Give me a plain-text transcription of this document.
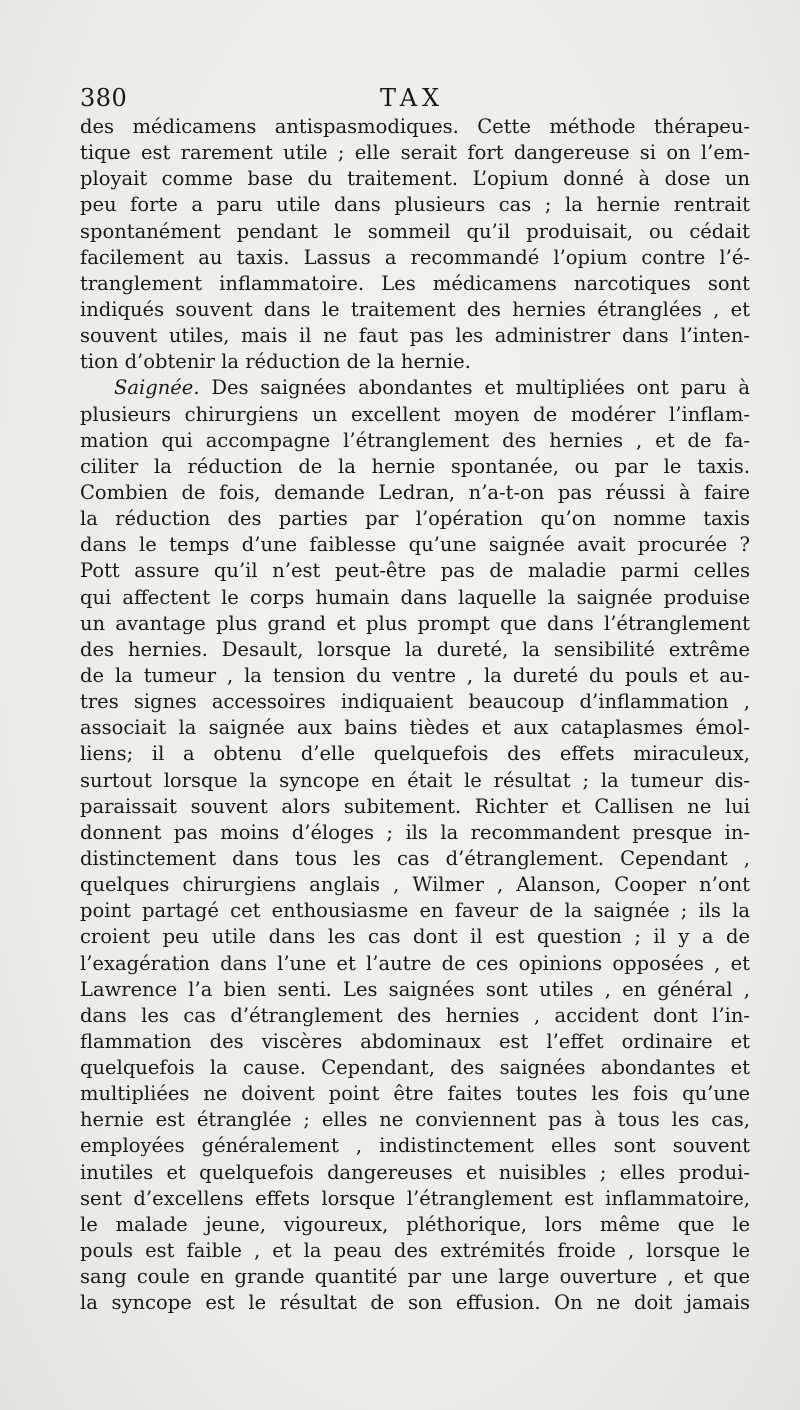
380	TAX
des médicamens antispasmodiques. Cette méthode thérapeu-
tique est rarement utile ; elle serait fort dangereuse si on l’em-
ployait comme base du traitement. L’opium donné à dose un
peu forte a paru utile dans plusieurs cas ; la hernie rentrait
spontanément pendant le sommeil qu’il produisait, ou cédait
facilement au taxis. Lassus a recommandé l’opium contre l’é-
tranglement inflammatoire. Les médicamens narcotiques sont
indiqués souvent dans le traitement des hernies étranglées , et
souvent utiles, mais il ne faut pas les administrer dans l’inten-
tion d’obtenir la réduction de la hernie.
Saignée. Des saignées abondantes et multipliées ont paru à
plusieurs chirurgiens un excellent moyen de modérer l’inflam-
mation qui accompagne l’étranglement des hernies , et de fa-
ciliter la réduction de la hernie spontanée, ou par le taxis.
Combien de fois, demande Ledran, n’a-t-on pas réussi à faire
la réduction des parties par l’opération qu’on nomme taxis
dans le temps d’une faiblesse qu’une saignée avait procurée ?
Pott assure qu’il n’est peut-être pas de maladie parmi celles
qui affectent le corps humain dans laquelle la saignée produise
un avantage plus grand et plus prompt que dans l’étranglement
des hernies. Desault, lorsque la dureté, la sensibilité extrême
de la tumeur , la tension du ventre , la dureté du pouls et au-
tres signes accessoires indiquaient beaucoup d’inflammation ,
associait la saignée aux bains tièdes et aux cataplasmes émol-
liens; il a obtenu d’elle quelquefois des effets miraculeux,
surtout lorsque la syncope en était le résultat ; la tumeur dis-
paraissait souvent alors subitement. Richter et Callisen ne lui
donnent pas moins d’éloges ; ils la recommandent presque in-
distinctement dans tous les cas d’étranglement. Cependant ,
quelques chirurgiens anglais , Wilmer , Alanson, Cooper n’ont
point partagé cet enthousiasme en faveur de la saignée ; ils la
croient peu utile dans les cas dont il est question ; il y a de
l’exagération dans l’une et l’autre de ces opinions opposées , et
Lawrence l’a bien senti. Les saignées sont utiles , en général ,
dans les cas d’étranglement des hernies , accident dont l’in-
flammation des viscères abdominaux est l’effet ordinaire et
quelquefois la cause. Cependant, des saignées abondantes et
multipliées ne doivent point être faites toutes les fois qu’une
hernie est étranglée ; elles ne conviennent pas à tous les cas,
employées généralement , indistinctement elles sont souvent
inutiles et quelquefois dangereuses et nuisibles ; elles produi-
sent d’excellens effets lorsque l’étranglement est inflammatoire,
le malade jeune, vigoureux, pléthorique, lors même que le
pouls est faible , et la peau des extrémités froide , lorsque le
sang coule en grande quantité par une large ouverture , et que
la syncope est le résultat de son effusion. On ne doit jamais
